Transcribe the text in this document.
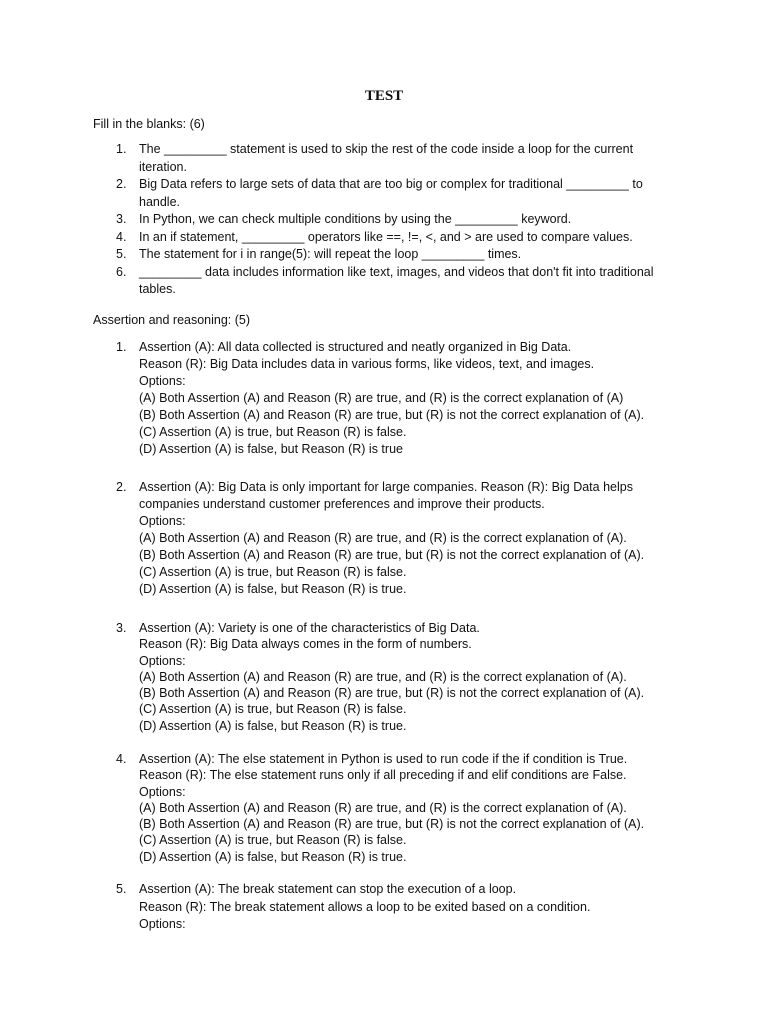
TEST
Fill in the blanks: (6)
1. The _________ statement is used to skip the rest of the code inside a loop for the current iteration.
2. Big Data refers to large sets of data that are too big or complex for traditional _________ to handle.
3. In Python, we can check multiple conditions by using the _________ keyword.
4. In an if statement, _________ operators like ==, !=, <, and > are used to compare values.
5. The statement for i in range(5): will repeat the loop _________ times.
6. _________ data includes information like text, images, and videos that don't fit into traditional tables.
Assertion and reasoning: (5)
1. Assertion (A): All data collected is structured and neatly organized in Big Data.
Reason (R): Big Data includes data in various forms, like videos, text, and images.
Options:
(A) Both Assertion (A) and Reason (R) are true, and (R) is the correct explanation of (A)
(B) Both Assertion (A) and Reason (R) are true, but (R) is not the correct explanation of (A).
(C) Assertion (A) is true, but Reason (R) is false.
(D) Assertion (A) is false, but Reason (R) is true
2. Assertion (A): Big Data is only important for large companies. Reason (R): Big Data helps companies understand customer preferences and improve their products.
Options:
(A) Both Assertion (A) and Reason (R) are true, and (R) is the correct explanation of (A).
(B) Both Assertion (A) and Reason (R) are true, but (R) is not the correct explanation of (A).
(C) Assertion (A) is true, but Reason (R) is false.
(D) Assertion (A) is false, but Reason (R) is true.
3. Assertion (A): Variety is one of the characteristics of Big Data.
Reason (R): Big Data always comes in the form of numbers.
Options:
(A) Both Assertion (A) and Reason (R) are true, and (R) is the correct explanation of (A).
(B) Both Assertion (A) and Reason (R) are true, but (R) is not the correct explanation of (A).
(C) Assertion (A) is true, but Reason (R) is false.
(D) Assertion (A) is false, but Reason (R) is true.
4. Assertion (A): The else statement in Python is used to run code if the if condition is True.
Reason (R): The else statement runs only if all preceding if and elif conditions are False.
Options:
(A) Both Assertion (A) and Reason (R) are true, and (R) is the correct explanation of (A).
(B) Both Assertion (A) and Reason (R) are true, but (R) is not the correct explanation of (A).
(C) Assertion (A) is true, but Reason (R) is false.
(D) Assertion (A) is false, but Reason (R) is true.
5. Assertion (A): The break statement can stop the execution of a loop.
Reason (R): The break statement allows a loop to be exited based on a condition.
Options:
